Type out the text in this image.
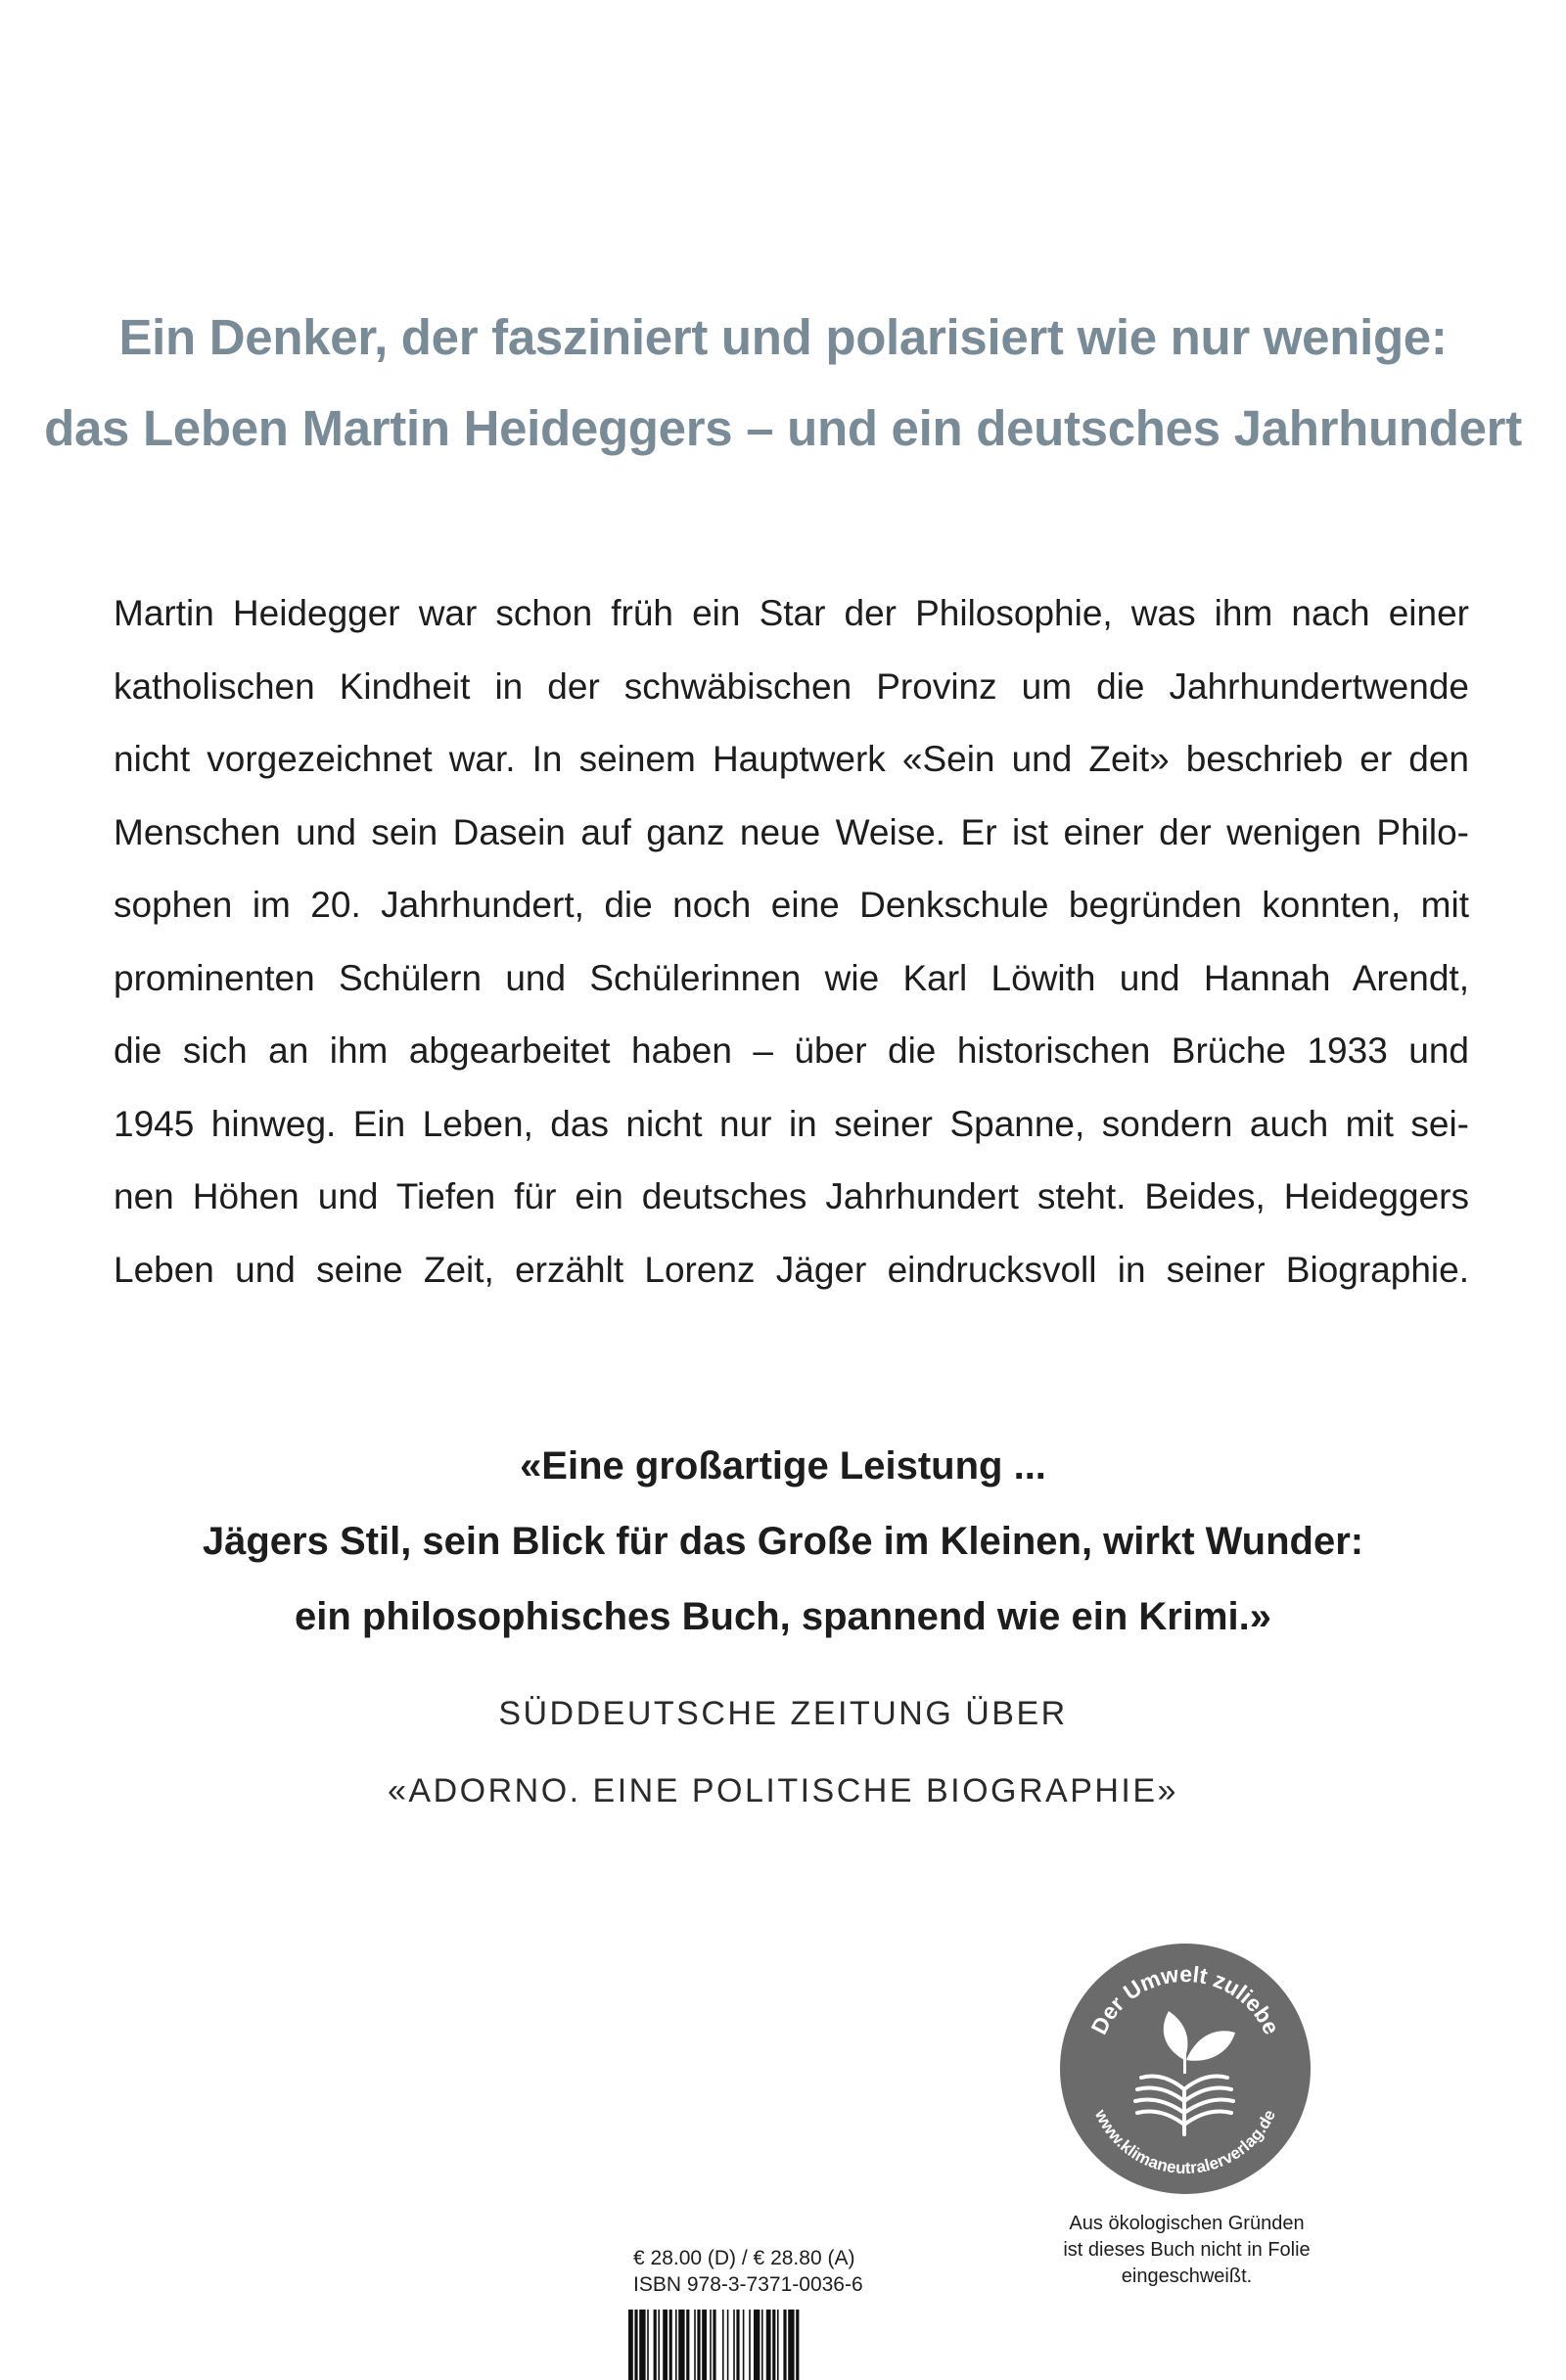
Ein Denker, der fasziniert und polarisiert wie nur wenige:
das Leben Martin Heideggers – und ein deutsches Jahrhundert
Martin Heidegger war schon früh ein Star der Philosophie, was ihm nach einer
katholischen Kindheit in der schwäbischen Provinz um die Jahrhundertwende
nicht vorgezeichnet war. In seinem Hauptwerk «Sein und Zeit» beschrieb er den
Menschen und sein Dasein auf ganz neue Weise. Er ist einer der wenigen Philo-
sophen im 20. Jahrhundert, die noch eine Denkschule begründen konnten, mit
prominenten Schülern und Schülerinnen wie Karl Löwith und Hannah Arendt,
die sich an ihm abgearbeitet haben – über die historischen Brüche 1933 und
1945 hinweg. Ein Leben, das nicht nur in seiner Spanne, sondern auch mit sei-
nen Höhen und Tiefen für ein deutsches Jahrhundert steht. Beides, Heideggers
Leben und seine Zeit, erzählt Lorenz Jäger eindrucksvoll in seiner Biographie.
«Eine großartige Leistung ...
Jägers Stil, sein Blick für das Große im Kleinen, wirkt Wunder:
ein philosophisches Buch, spannend wie ein Krimi.»
SÜDDEUTSCHE ZEITUNG ÜBER
«ADORNO. EINE POLITISCHE BIOGRAPHIE»
Der Umwelt zuliebe
www.klimaneutralerverlag.de
Aus ökologischen Gründen
ist dieses Buch nicht in Folie
eingeschweißt.
€ 28.00 (D) / € 28.80 (A)
ISBN 978-3-7371-0036-6
